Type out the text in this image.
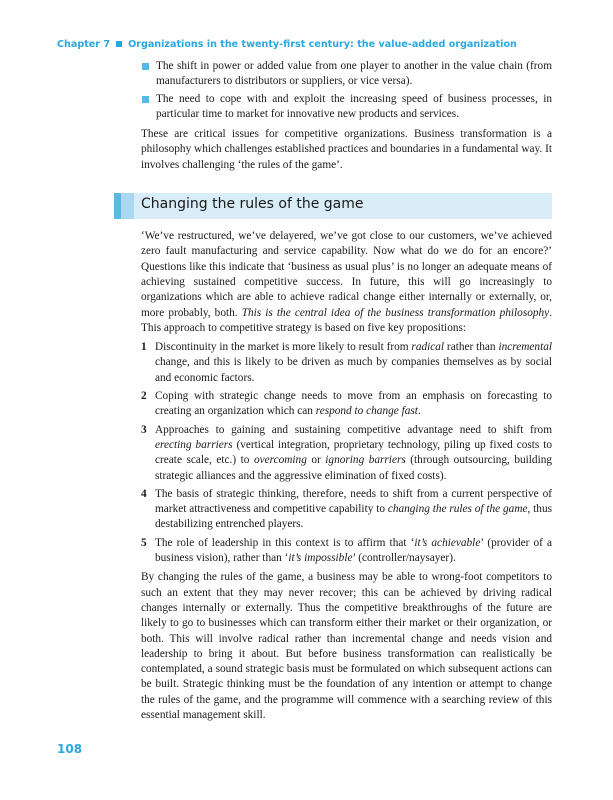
Chapter 7 Organizations in the twenty-first century: the value-added organization
The shift in power or added value from one player to another in the value chain (from manufacturers to distributors or suppliers, or vice versa).
The need to cope with and exploit the increasing speed of business processes, in particular time to market for innovative new products and services.

These are critical issues for competitive organizations. Business transformation is a philosophy which challenges established practices and boundaries in a fundamental way. It involves challenging ‘the rules of the game’.

Changing the rules of the game

‘We’ve restructured, we’ve delayered, we’ve got close to our customers, we’ve achieved zero fault manufacturing and service capability. Now what do we do for an encore?’ Questions like this indicate that ‘business as usual plus’ is no longer an adequate means of achieving sustained competitive success. In future, this will go increasingly to organizations which are able to achieve radical change either internally or externally, or, more probably, both. This is the central idea of the business transformation philosophy. This approach to competitive strategy is based on five key propositions:

1 Discontinuity in the market is more likely to result from radical rather than incremental change, and this is likely to be driven as much by companies themselves as by social and economic factors.
2 Coping with strategic change needs to move from an emphasis on forecasting to creating an organization which can respond to change fast.
3 Approaches to gaining and sustaining competitive advantage need to shift from erecting barriers (vertical integration, proprietary technology, piling up fixed costs to create scale, etc.) to overcoming or ignoring barriers (through outsourcing, building strategic alliances and the aggressive elimination of fixed costs).
4 The basis of strategic thinking, therefore, needs to shift from a current perspective of market attractiveness and competitive capability to changing the rules of the game, thus destabilizing entrenched players.
5 The role of leadership in this context is to affirm that ‘it’s achievable’ (provider of a business vision), rather than ‘it’s impossible’ (controller/naysayer).

By changing the rules of the game, a business may be able to wrong-foot competitors to such an extent that they may never recover; this can be achieved by driving radical changes internally or externally. Thus the competitive breakthroughs of the future are likely to go to businesses which can transform either their market or their organization, or both. This will involve radical rather than incremental change and needs vision and leadership to bring it about. But before business transformation can realistically be contemplated, a sound strategic basis must be formulated on which subsequent actions can be built. Strategic thinking must be the foundation of any intention or attempt to change the rules of the game, and the programme will commence with a searching review of this essential management skill.

108
